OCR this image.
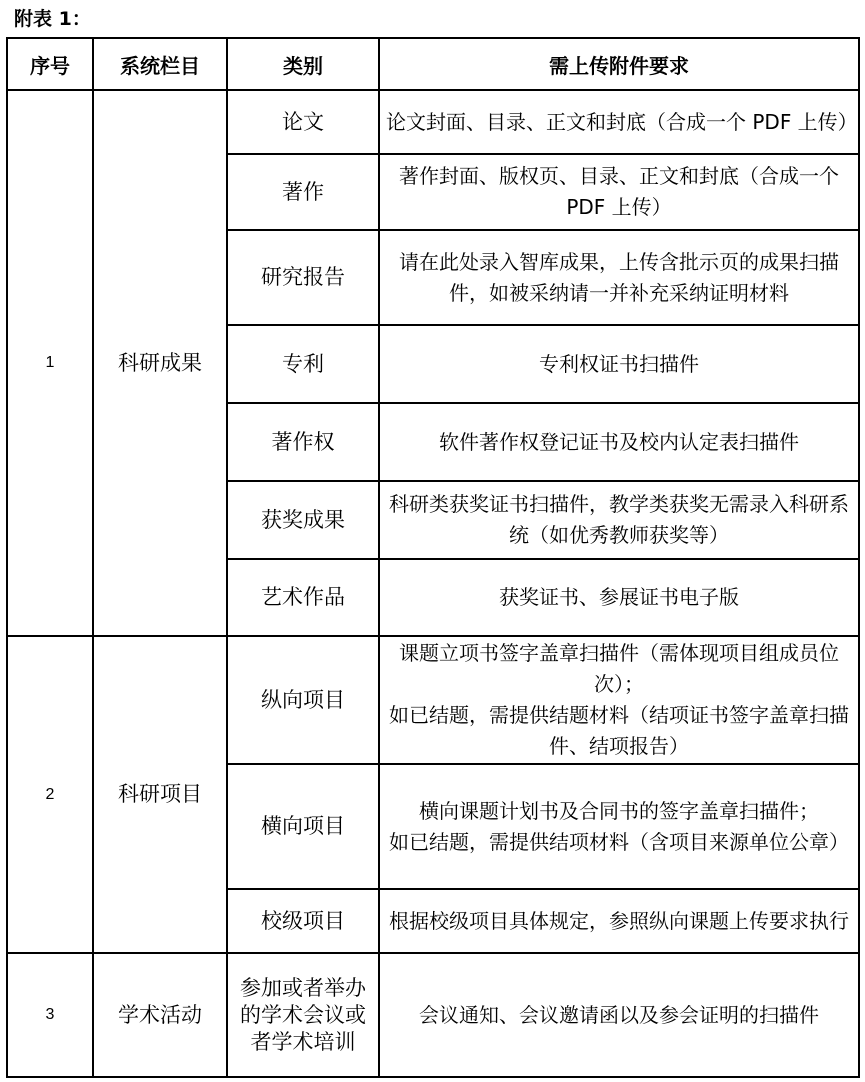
附表 1：
序号	系统栏目	类别	需上传附件要求
1	科研成果	论文	论文封面、目录、正文和封底（合成一个 PDF 上传）

		著作	著作封面、版权页、目录、正文和封底（合成一个 PDF 上传）

		研究报告	请在此处录入智库成果，上传含批示页的成果扫描件，如被采纳请一并补充采纳证明材料

		专利	专利权证书扫描件

		著作权	软件著作权登记证书及校内认定表扫描件

		获奖成果	科研类获奖证书扫描件，教学类获奖无需录入科研系统（如优秀教师获奖等）

		艺术作品	获奖证书、参展证书电子版

2	科研项目	纵向项目	课题立项书签字盖章扫描件（需体现项目组成员位次）；
如已结题，需提供结题材料（结项证书签字盖章扫描件、结项报告）

		横向项目	横向课题计划书及合同书的签字盖章扫描件；
如已结题，需提供结项材料（含项目来源单位公章）

		校级项目	根据校级项目具体规定，参照纵向课题上传要求执行

3	学术活动	参加或者举办的学术会议或者学术培训	会议通知、会议邀请函以及参会证明的扫描件
